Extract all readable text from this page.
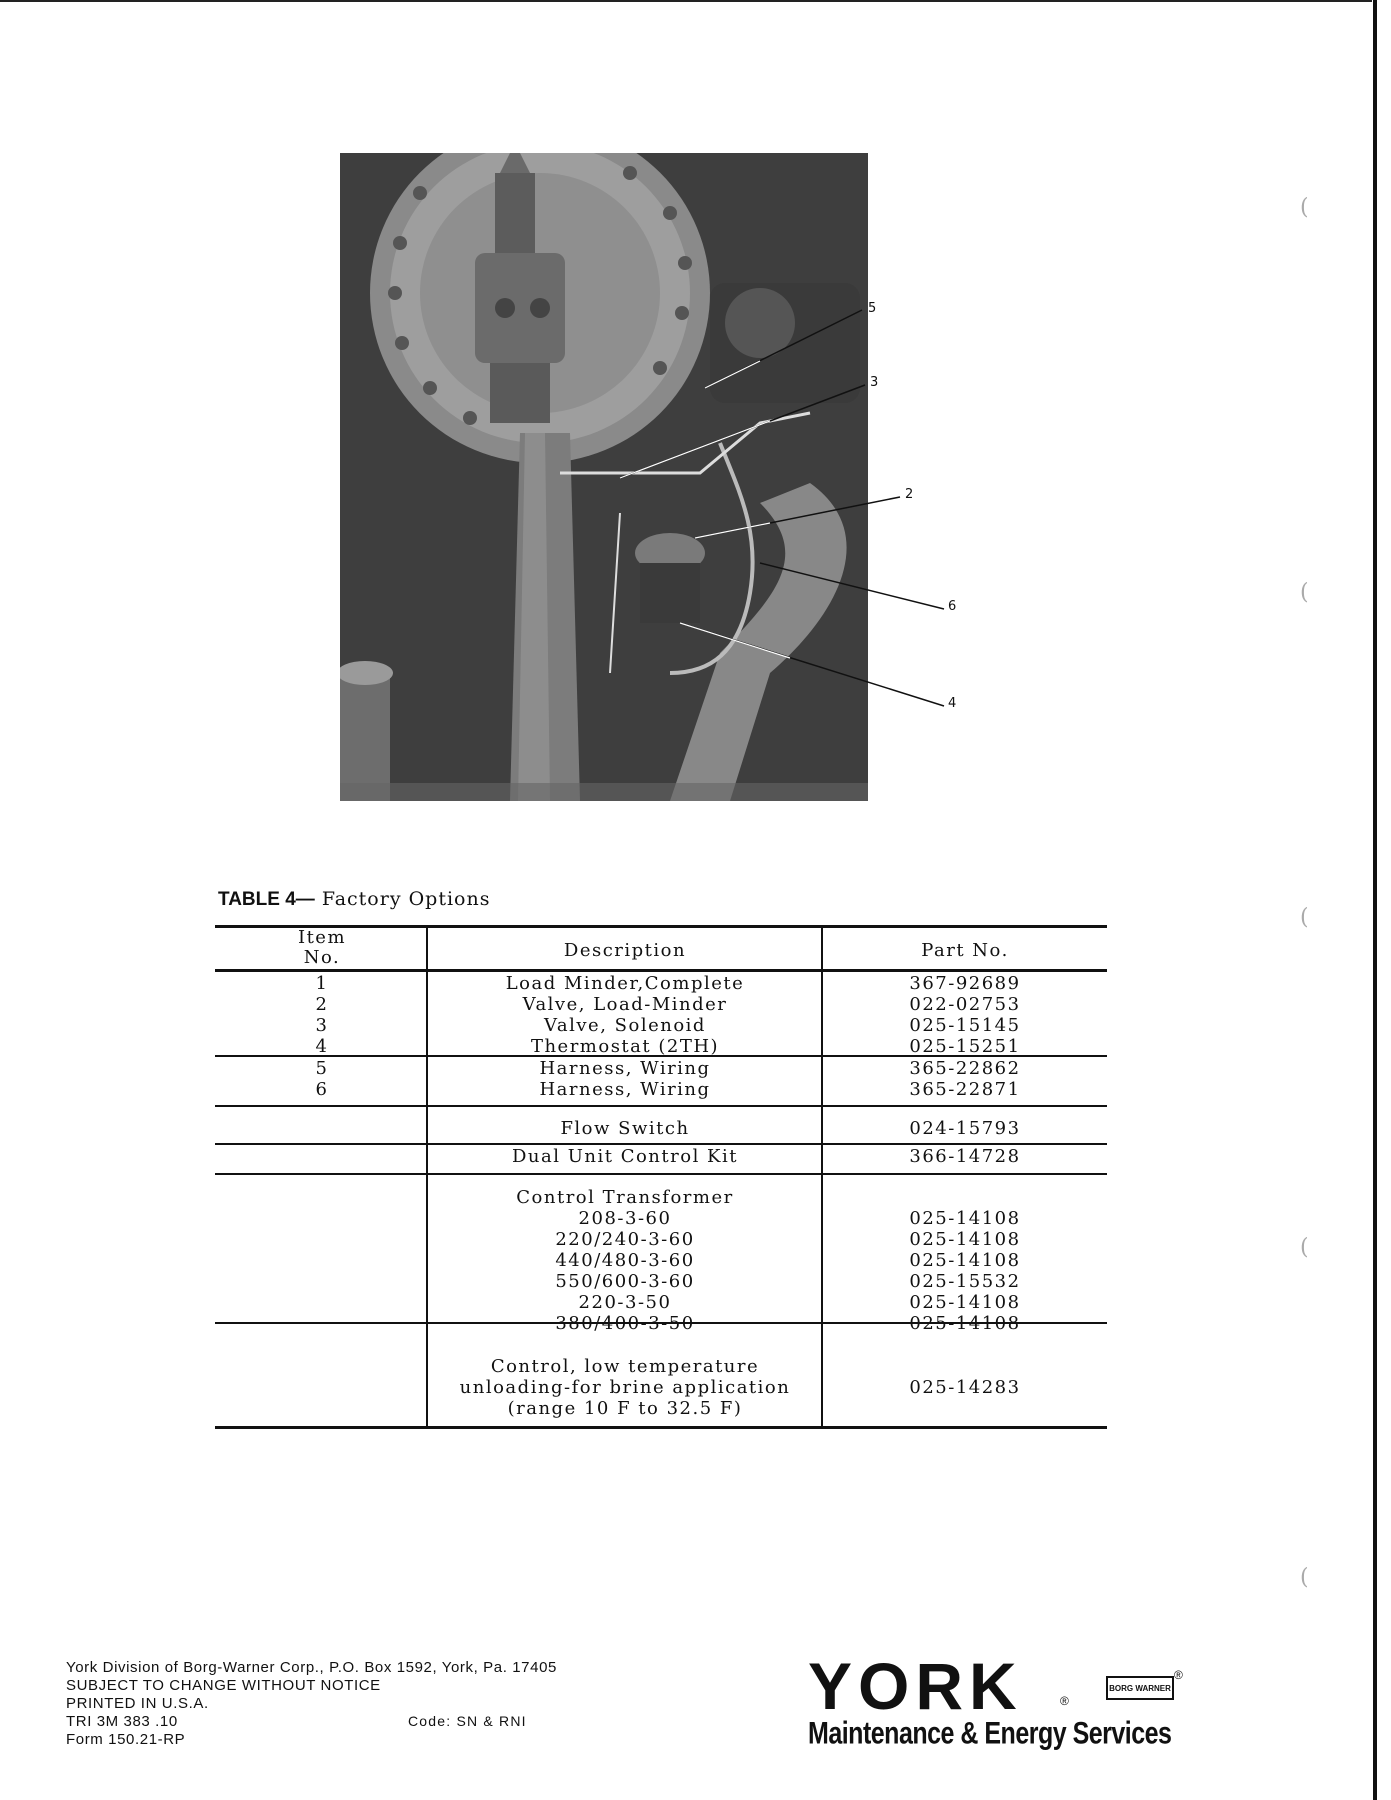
(
(
(
(
(
5
3
2
6
4
TABLE 4— Factory Options
Item
No.	Description	Part No.
1	Load Minder,Complete	367-92689
2	Valve, Load-Minder	022-02753
3	Valve, Solenoid	025-15145
4	Thermostat (2TH)	025-15251
5	Harness, Wiring	365-22862
6	Harness, Wiring	365-22871
Flow Switch	024-15793
Dual Unit Control Kit	366-14728
Control Transformer
208-3-60	025-14108
220/240-3-60	025-14108
440/480-3-60	025-14108
550/600-3-60	025-15532
220-3-50	025-14108
380/400-3-50	025-14108
Control, low temperature
unloading-for brine application
(range 10 F to 32.5 F)
025-14283
York Division of Borg-Warner Corp., P.O. Box 1592, York, Pa. 17405
SUBJECT TO CHANGE WITHOUT NOTICE
PRINTED IN U.S.A.
TRI 3M 383 .10
Form 150.21-RP
Code: SN & RNI	YORK	®
BORG WARNER
®
Maintenance & Energy Services
